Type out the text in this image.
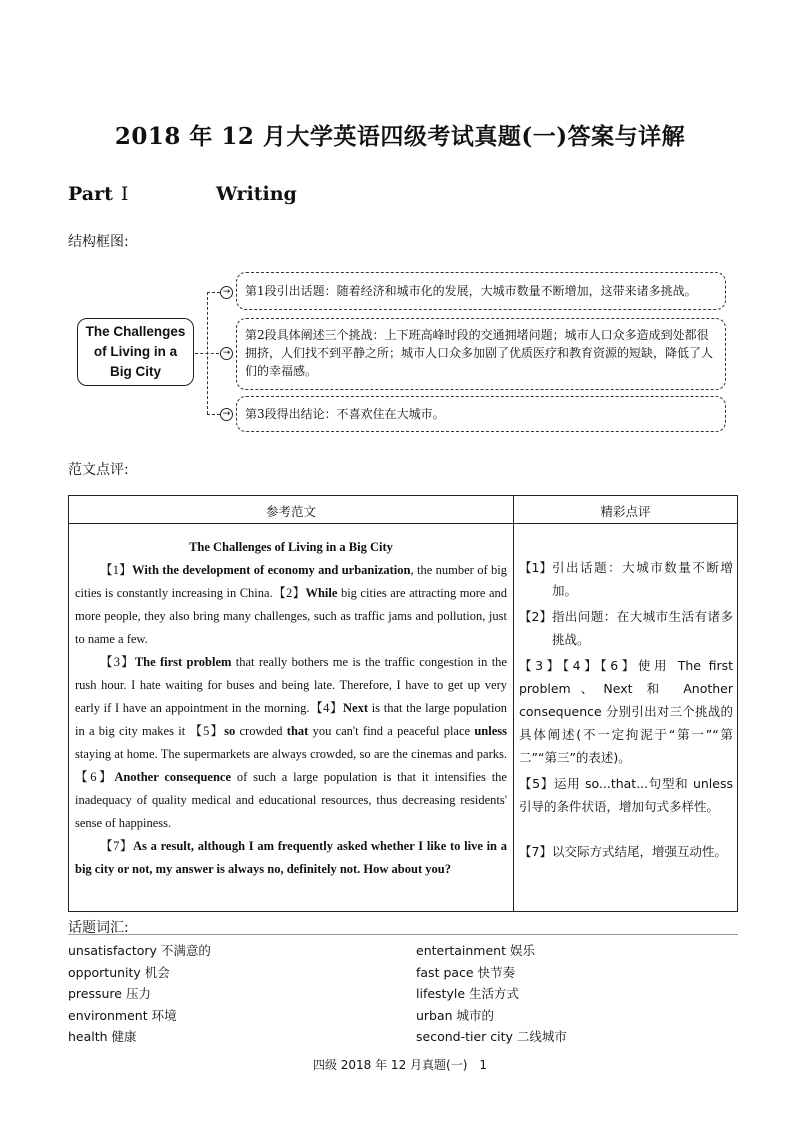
2018 年 12 月大学英语四级考试真题(一)答案与详解
Part Ⅰ	Writing
结构框图:
The Challenges of Living in a Big City
→
→
→
第1段引出话题：随着经济和城市化的发展，大城市数量不断增加，这带来诸多挑战。
第2段具体阐述三个挑战：上下班高峰时段的交通拥堵问题；城市人口众多造成到处都很拥挤，人们找不到平静之所；城市人口众多加剧了优质医疗和教育资源的短缺，降低了人们的幸福感。
第3段得出结论：不喜欢住在大城市。
范文点评:
参考范文	精彩点评
The Challenges of Living in a Big City

【1】With the development of economy and urbanization, the number of big cities is constantly increasing in China.【2】While big cities are attracting more and more people, they also bring many challenges, such as traffic jams and pollution, just to name a few.

【3】The first problem that really bothers me is the traffic congestion in the rush hour. I hate waiting for buses and being late. Therefore, I have to get up very early if I have an appointment in the morning.【4】Next is that the large population in a big city makes it 【5】so crowded that you can't find a peaceful place unless staying at home. The supermarkets are always crowded, so are the cinemas and parks.【6】Another consequence of such a large population is that it intensifies the inadequacy of quality medical and educational resources, thus decreasing residents' sense of happiness.

【7】As a result, although I am frequently asked whether I like to live in a big city or not, my answer is always no, definitely not. How about you?

【1】 引出话题：大城市数量不断增加。
【2】 指出问题：在大城市生活有诸多挑战。
【3】【4】【6】使用 The first problem、Next 和 Another consequence 分别引出对三个挑战的具体阐述(不一定拘泥于“第一”“第二”“第三”的表述)。
【5】运用 so...that...句型和 unless 引导的条件状语，增加句式多样性。
【7】 以交际方式结尾，增强互动性。
话题词汇:
unsatisfactory 不满意的
opportunity 机会
pressure 压力
environment 环境
health 健康
entertainment 娱乐
fast pace 快节奏
lifestyle 生活方式
urban 城市的
second-tier city 二线城市
四级 2018 年 12 月真题(一)　1
